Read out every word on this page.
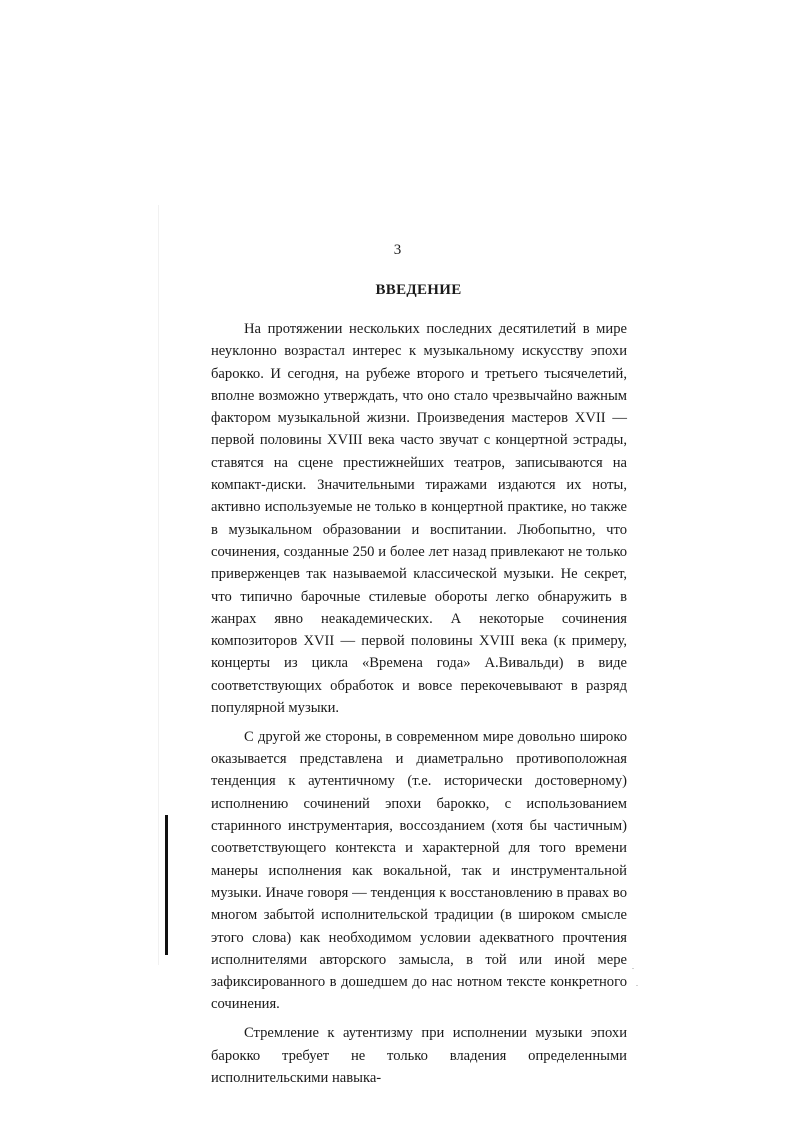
3
ВВЕДЕНИЕ

На протяжении нескольких последних десятилетий в мире неуклонно возрастал интерес к музыкальному искусству эпохи барокко. И сегодня, на рубеже второго и третьего тысячелетий, вполне возможно утверждать, что оно стало чрезвычайно важным фактором музыкальной жизни. Произведения мастеров XVII — первой половины XVIII века часто звучат с концертной эстрады, ставятся на сцене престижнейших театров, записываются на компакт-диски. Значительными тиражами издаются их ноты, активно используемые не только в концертной практике, но также в музыкальном образовании и воспитании. Любопытно, что сочинения, созданные 250 и более лет назад привлекают не только приверженцев так называемой классической музыки. Не секрет, что типично барочные стилевые обороты легко обнаружить в жанрах явно неакадемических. А некоторые сочинения композиторов XVII — первой половины XVIII века (к примеру, концерты из цикла «Времена года» А.Вивальди) в виде соответствующих обработок и вовсе перекочевывают в разряд популярной музыки.

С другой же стороны, в современном мире довольно широко оказывается представлена и диаметрально противоположная тенденция к аутентичному (т.е. исторически достоверному) исполнению сочинений эпохи барокко, с использованием старинного инструментария, воссозданием (хотя бы частичным) соответствующего контекста и характерной для того времени манеры исполнения как вокальной, так и инструментальной музыки. Иначе говоря — тенденция к восстановлению в правах во многом забытой исполнительской традиции (в широком смысле этого слова) как необходимом условии адекватного прочтения исполнителями авторского замысла, в той или иной мере зафиксированного в дошедшем до нас нотном тексте конкретного сочинения.

Стремление к аутентизму при исполнении музыки эпохи барокко требует не только владения определенными исполнительскими навыка-
